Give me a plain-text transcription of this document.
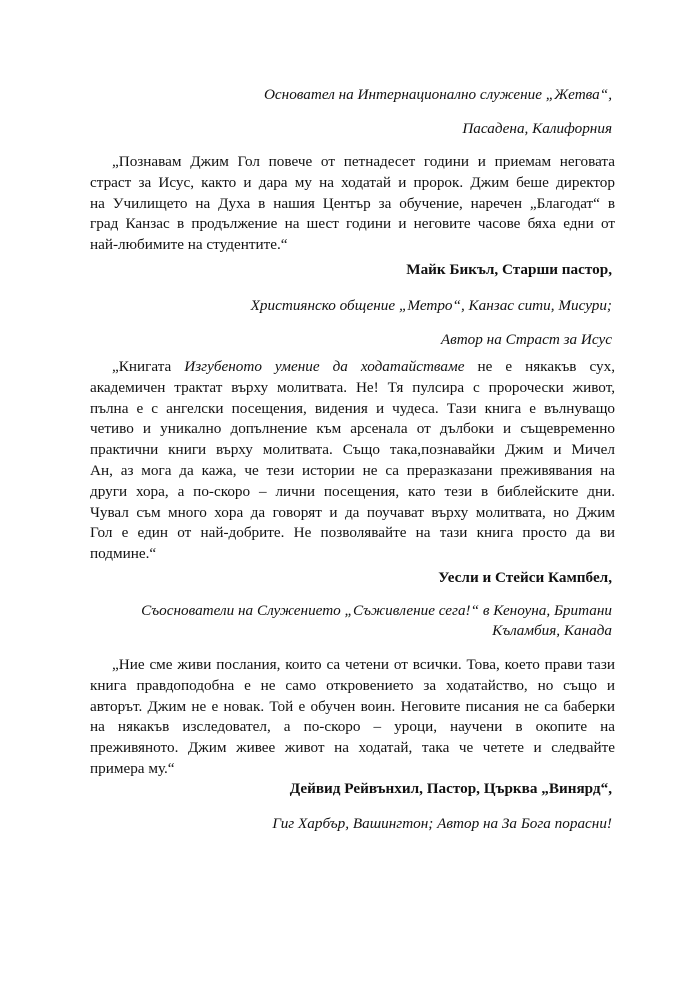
Основател на Интернационално служение „Жетва“,
Пасадена, Калифорния
„Познавам Джим Гол повече от петнадесет години и приемам неговата
страст за Исус, както и дара му на ходатай и пророк. Джим беше директор
на Училището на Духа в нашия Център за обучение, наречен „Благодат“ в
град Канзас в продължение на шест години и неговите часове бяха едни от
най-любимите на студентите.“
Майк Бикъл, Старши пастор,
Християнско общение „Метро“, Канзас сити, Мисури;
Автор на Страст за Исус
„Книгата Изгубеното умение да ходатайстваме не е някакъв сух,
академичен трактат върху молитвата. Не! Тя пулсира с пророчески живот,
пълна е с ангелски посещения, видения и чудеса. Тази книга е вълнуващо
четиво и уникално допълнение към арсенала от дълбоки и същевременно
практични книги върху молитвата. Също така,познавайки Джим и Мичел
Ан, аз мога да кажа, че тези истории не са преразказани преживявания на
други хора, а по-скоро – лични посещения, като тези в библейските дни.
Чувал съм много хора да говорят и да поучават върху молитвата, но Джим
Гол е един от най-добрите. Не позволявайте на тази книга просто да ви
подмине.“
Уесли и Стейси Кампбел,
Съоснователи на Служението „Съживление сега!“ в Кеноуна, Британи
Кълaмбия, Канада
„Ние сме живи послания, които са четени от всички. Това, което прави тази
книга правдоподобна е не само откровението за ходатайство, но също и
авторът. Джим не е новак. Той е обучен воин. Неговите писания не са баберки
на някакъв изследовател, а по-скоро – уроци, научени в окопите на
преживяното. Джим живее живот на ходатай, така че четете и следвайте
примера му.“
Дейвид Рейвънхил, Пастор, Църква „Винярд“,
Гиг Харбър, Вашингтон; Автор на За Бога порасни!
